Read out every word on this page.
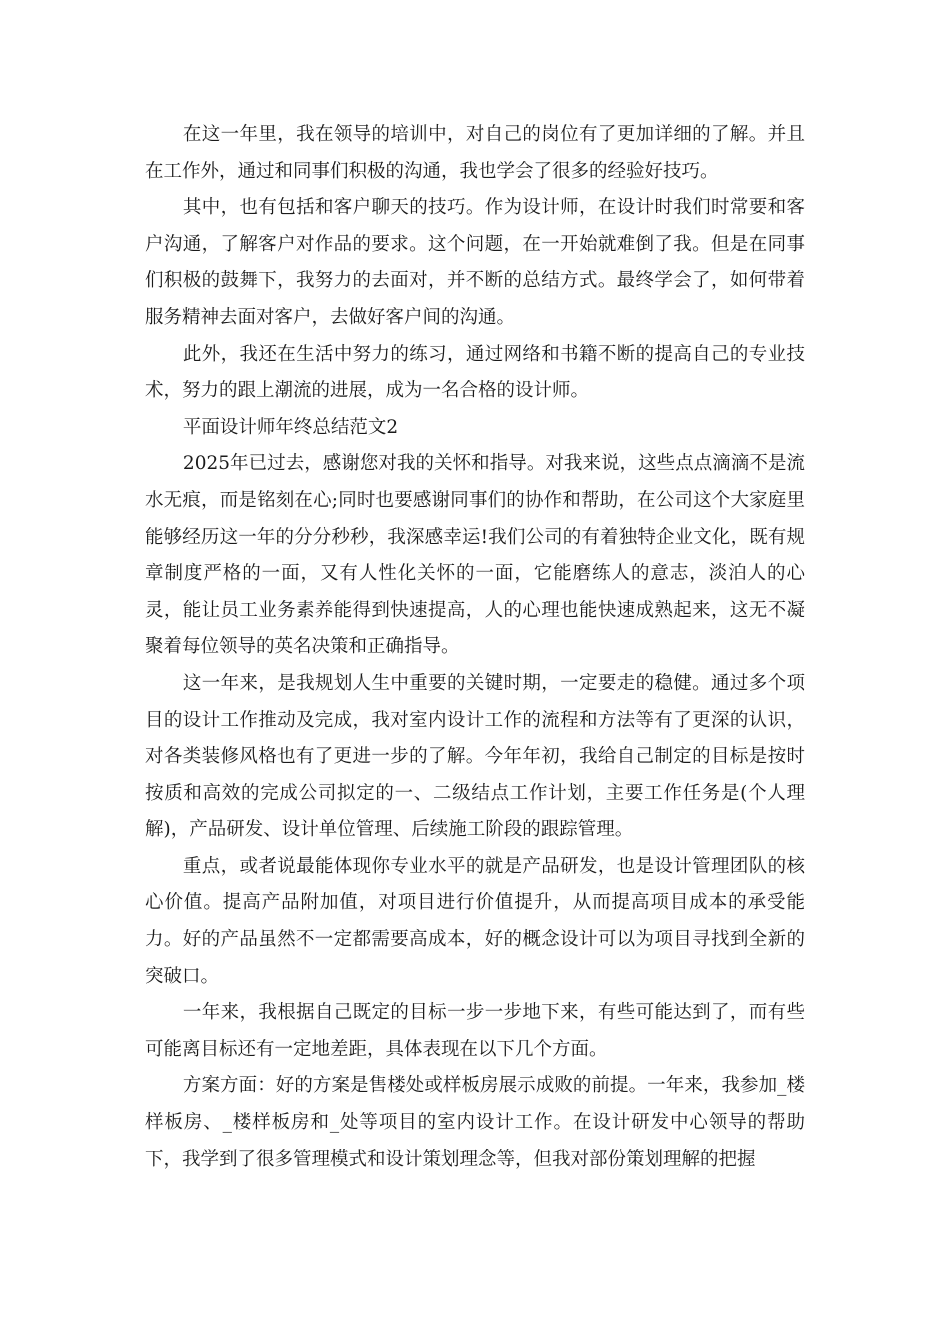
在这一年里，我在领导的培训中，对自己的岗位有了更加详细的了解。并且在工作外，通过和同事们积极的沟通，我也学会了很多的经验好技巧。

其中，也有包括和客户聊天的技巧。作为设计师，在设计时我们时常要和客户沟通，了解客户对作品的要求。这个问题，在一开始就难倒了我。但是在同事们积极的鼓舞下，我努力的去面对，并不断的总结方式。最终学会了，如何带着服务精神去面对客户，去做好客户间的沟通。

此外，我还在生活中努力的练习，通过网络和书籍不断的提高自己的专业技术，努力的跟上潮流的进展，成为一名合格的设计师。

平面设计师年终总结范文2

2025年已过去，感谢您对我的关怀和指导。对我来说，这些点点滴滴不是流水无痕，而是铭刻在心;同时也要感谢同事们的协作和帮助，在公司这个大家庭里能够经历这一年的分分秒秒，我深感幸运!我们公司的有着独特企业文化，既有规章制度严格的一面，又有人性化关怀的一面，它能磨练人的意志，淡泊人的心灵，能让员工业务素养能得到快速提高，人的心理也能快速成熟起来，这无不凝聚着每位领导的英名决策和正确指导。

这一年来，是我规划人生中重要的关键时期，一定要走的稳健。通过多个项目的设计工作推动及完成，我对室内设计工作的流程和方法等有了更深的认识，对各类装修风格也有了更进一步的了解。今年年初，我给自己制定的目标是按时按质和高效的完成公司拟定的一、二级结点工作计划，主要工作任务是(个人理解)，产品研发、设计单位管理、后续施工阶段的跟踪管理。

重点，或者说最能体现你专业水平的就是产品研发，也是设计管理团队的核心价值。提高产品附加值，对项目进行价值提升，从而提高项目成本的承受能力。好的产品虽然不一定都需要高成本，好的概念设计可以为项目寻找到全新的突破口。

一年来，我根据自己既定的目标一步一步地下来，有些可能达到了，而有些可能离目标还有一定地差距，具体表现在以下几个方面。

方案方面：好的方案是售楼处或样板房展示成败的前提。一年来，我参加_楼样板房、_楼样板房和_处等项目的室内设计工作。在设计研发中心领导的帮助下，我学到了很多管理模式和设计策划理念等，但我对部份策划理解的把握
